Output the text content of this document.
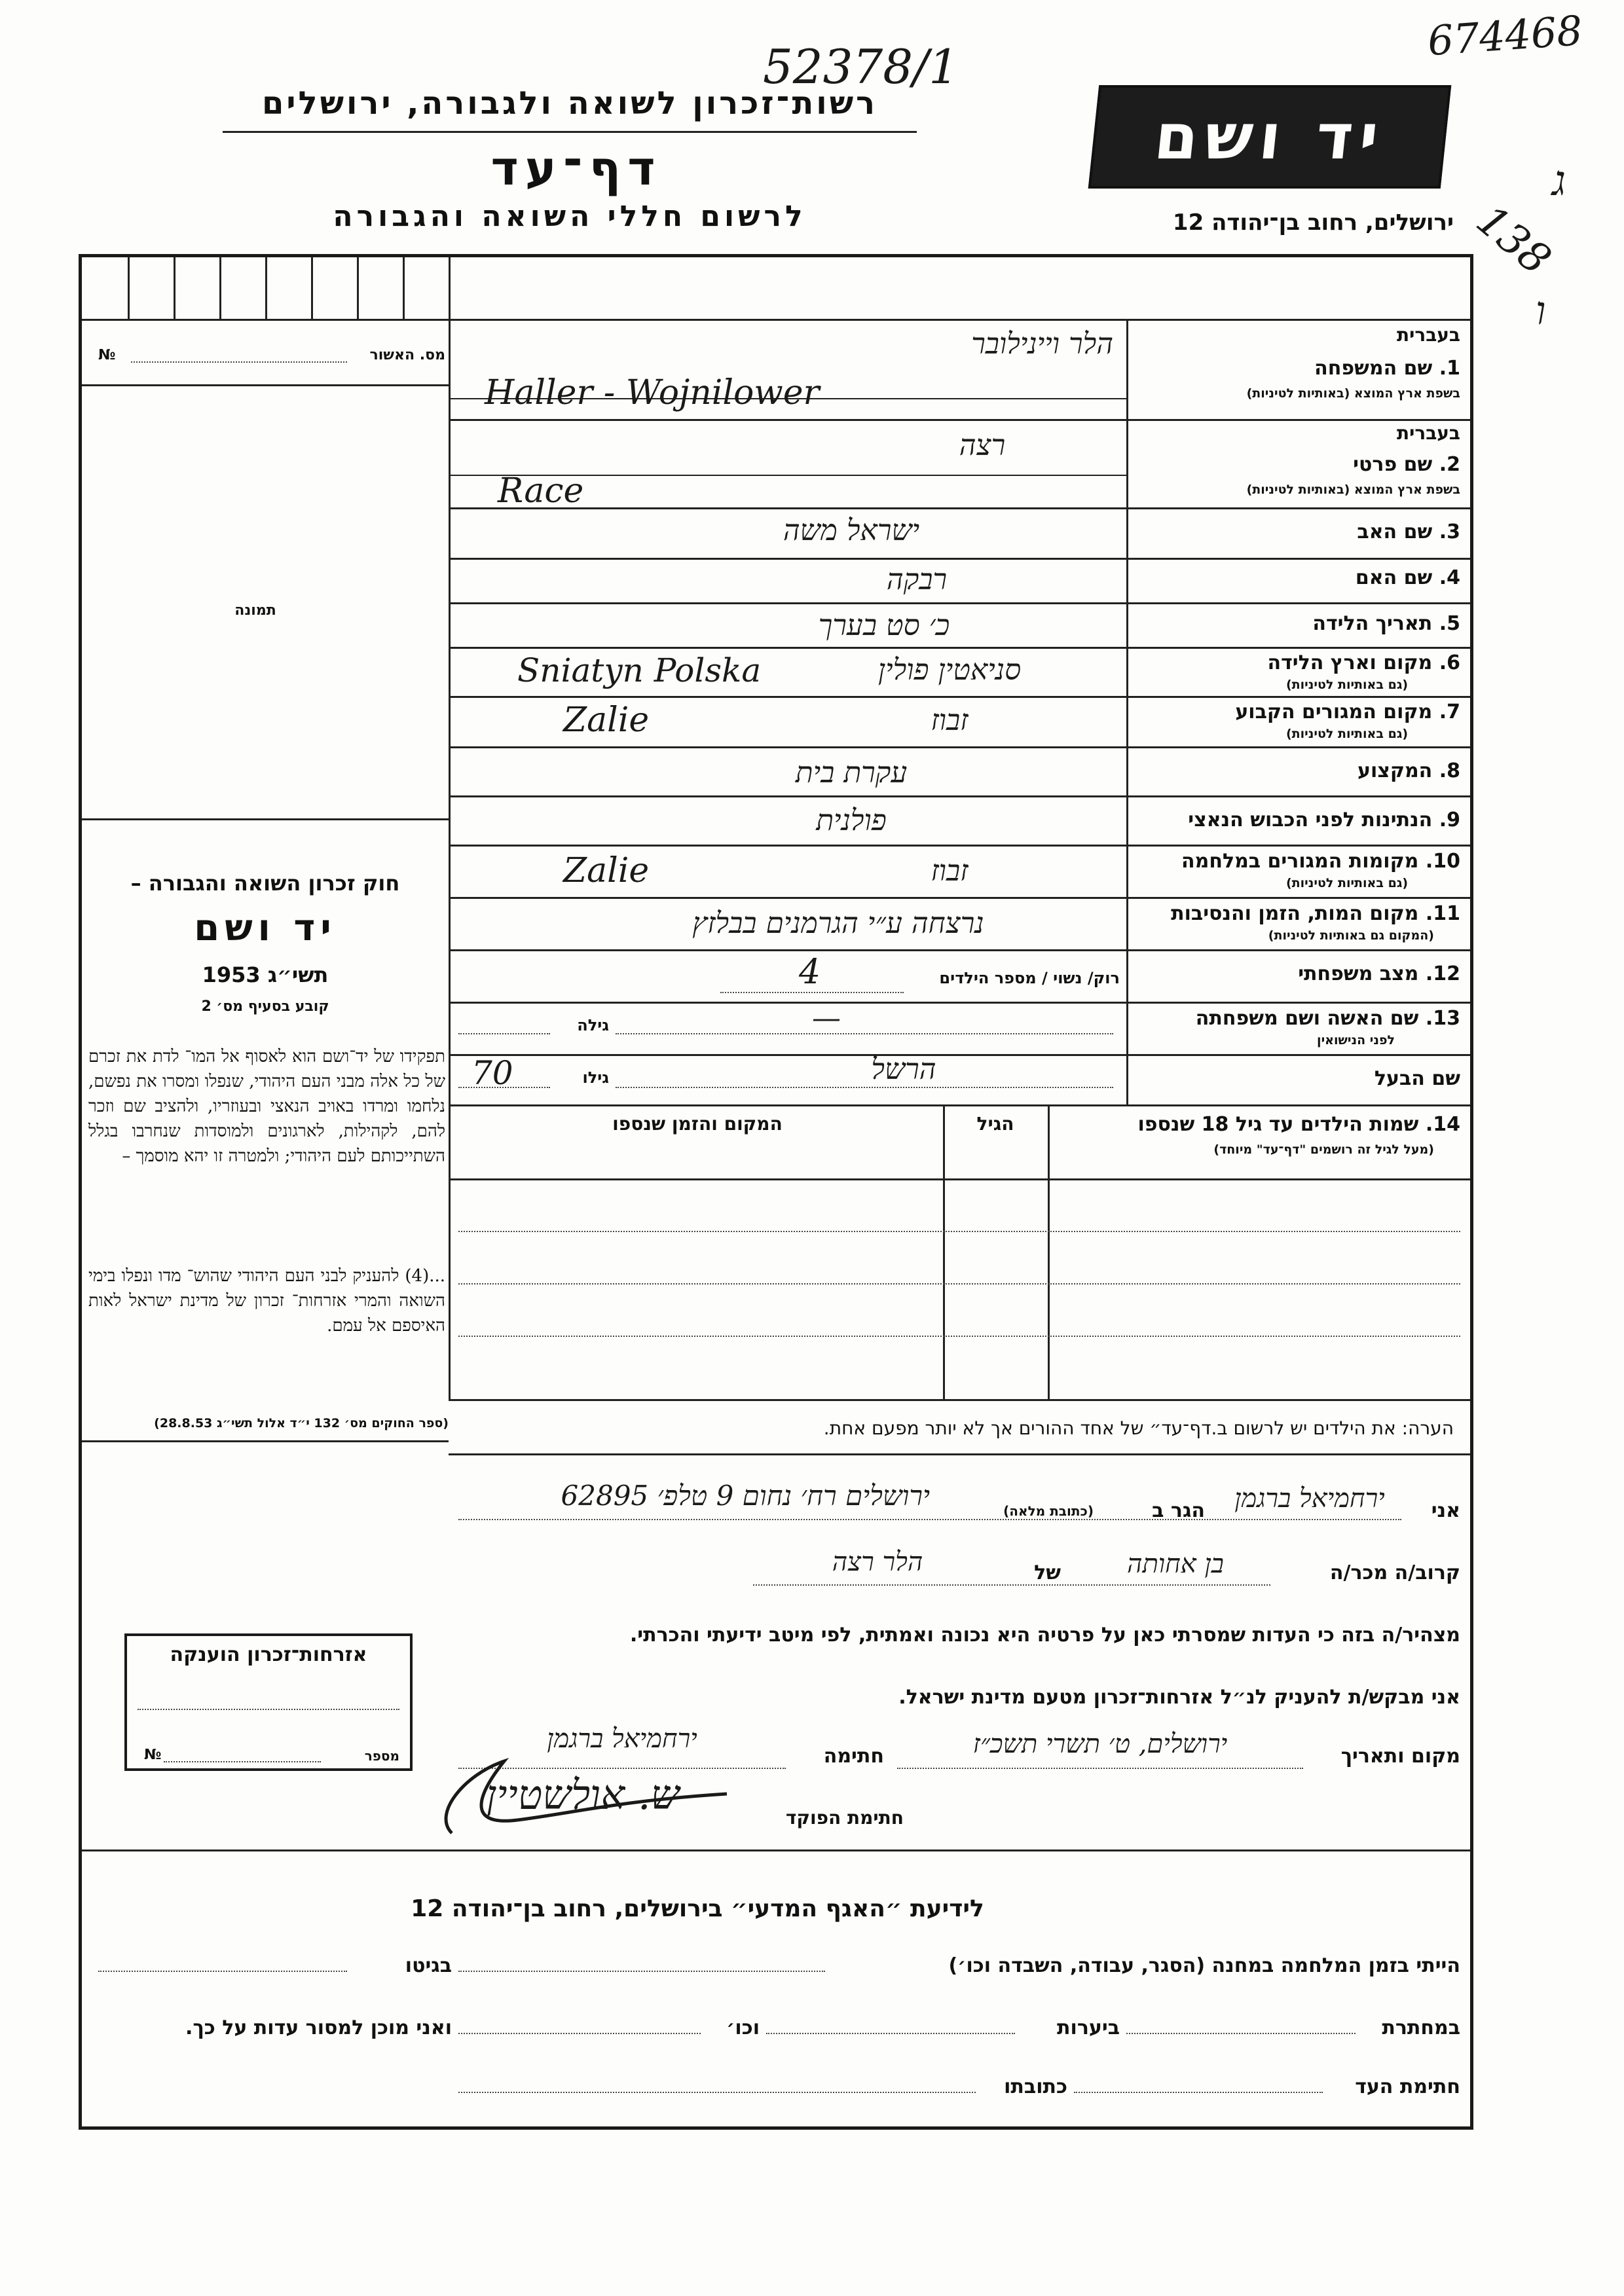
52378/1
674468
138
ג
ו
רשות־זכרון לשואה ולגבורה, ירושלים
דף־עד
לרשום חללי השואה והגבורה
יד ושם
ירושלים, רחוב בן־יהודה 12
מס. האשור
№
תמונה
חוק זכרון השואה והגבורה –
יד ושם
תשי״ג 1953
קובע בסעיף מס׳ 2
תפקידו של יד־ושם הוא לאסוף אל המו־ לדת את זכרם של כל אלה מבני העם היהודי, שנפלו ומסרו את נפשם, נלחמו ומרדו באויב הנאצי ובעוזריו, ולהציב שם וזכר להם, לקהילות, לארגונים ולמוסדות שנחרבו בגלל השתייכותם לעם היהודי; ולמטרה זו יהא מוסמך –
...(4) להעניק לבני העם היהודי שהוש־ מדו ונפלו בימי השואה והמרי אזרחות־ זכרון של מדינת ישראל לאות האיספם אל עמם.
(ספר החוקים מס׳ 132 י״ד אלול תשי״ג 28.8.53)
בעברית
1. שם המשפחה
בשפת ארץ המוצא (באותיות לטיניות)
הלר ויינילובר
Haller - Wojnilower
בעברית
2. שם פרטי
בשפת ארץ המוצא (באותיות לטיניות)
רצה
Race
3. שם האב
ישראל משה
4. שם האם
רבקה
5. תאריך הלידה
כ׳ סט בערך
6. מקום וארץ הלידה
(גם באותיות לטיניות)
סניאטין פולין
Sniatyn Polska
7. מקום המגורים הקבוע
(גם באותיות לטיניות)
זבוז
Zalie
8. המקצוע
עקרת בית
9. הנתינות לפני הכבוש הנאצי
פולנית
10. מקומות המגורים במלחמה
(גם באותיות לטיניות)
זבוז
Zalie
11. מקום המות, הזמן והנסיבות
(המקום גם באותיות לטיניות)
נרצחה ע״י הגרמנים בבלזץ
12. מצב משפחתי
רוק/ נשוי / מספר הילדים
4
13. שם האשה ושם משפחתה
לפני הנישואין
גילה	—
שם הבעל
גילו
70	הרשל
14. שמות הילדים עד גיל 18 שנספו
(מעל לגיל זה רושמים "דף־עד" מיוחד)
הגיל
המקום והזמן שנספו
הערה: את הילדים יש לרשום ב.דף־עד״ של אחד ההורים אך לא יותר מפעם אחת.
אני
ירחמיאל ברגמן
הגר ב
(כתובת מלאה)
ירושלים רח׳ נחום 9 טלפ׳ 62895
קרוב/ה מכר/ה
בן אחותה
של
הלר רצה
מצהיר/ה בזה כי העדות שמסרתי כאן על פרטיה היא נכונה ואמתית, לפי מיטב ידיעתי והכרתי.
אני מבקש/ת להעניק לנ״ל אזרחות־זכרון מטעם מדינת ישראל.
מקום ותאריך
ירושלים, ט׳ תשרי תשכ״ז
חתימה
ירחמיאל ברגמן
חתימת הפוקד
ש. אולשטיין
אזרחות־זכרון הוענקה
מספר
№
לידיעת ״האגף המדעי״ בירושלים, רחוב בן־יהודה 12
הייתי בזמן המלחמה במחנה (הסגר, עבודה, השבדה וכו׳)
בגיטו
במחתרת
ביערות
וכו׳
ואני מוכן למסור עדות על כך.
חתימת העד
כתובתו
